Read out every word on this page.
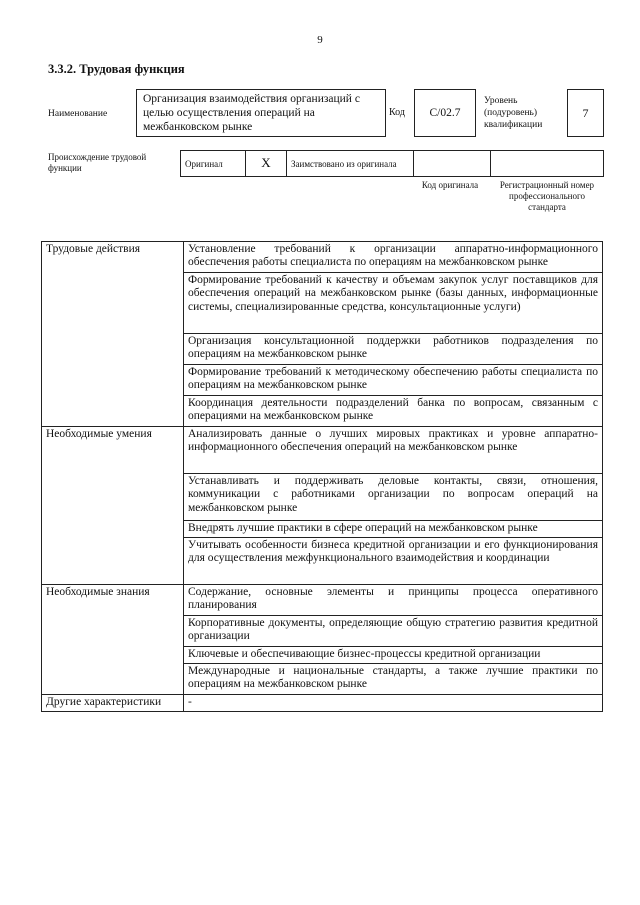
9
3.3.2. Трудовая функция
Наименование
Организация взаимодействия организаций с целью осуществления операций на межбанковском рынке
Код С/02.7
Уровень
(подуровень)
квалификации
7
Происхождение трудовой функции	Оригинал	X	Заимствовано из оригинала		
Код оригинала	Регистрационный номер профессионального стандарта
Трудовые действия	Установление требований к организации аппаратно-информационного обеспечения работы специалиста по операциям на межбанковском рынке
	Формирование требований к качеству и объемам закупок услуг поставщиков для обеспечения операций на межбанковском рынке (базы данных, информационные системы, специализированные средства, консультационные услуги)
	Организация консультационной поддержки работников подразделения по операциям на межбанковском рынке
	Формирование требований к методическому обеспечению работы специалиста по операциям на межбанковском рынке
	Координация деятельности подразделений банка по вопросам, связанным с операциями на межбанковском рынке
Необходимые умения	Анализировать данные о лучших мировых практиках и уровне аппаратно-информационного обеспечения операций на межбанковском рынке
	Устанавливать и поддерживать деловые контакты, связи, отношения, коммуникации с работниками организации по вопросам операций на межбанковском рынке
	Внедрять лучшие практики в сфере операций на межбанковском рынке
	Учитывать особенности бизнеса кредитной организации и его функционирования для осуществления межфункционального взаимодействия и координации
Необходимые знания	Содержание, основные элементы и принципы процесса оперативного планирования
	Корпоративные документы, определяющие общую стратегию развития кредитной организации
	Ключевые и обеспечивающие бизнес-процессы кредитной организации
	Международные и национальные стандарты, а также лучшие практики по операциям на межбанковском рынке
Другие характеристики	-
